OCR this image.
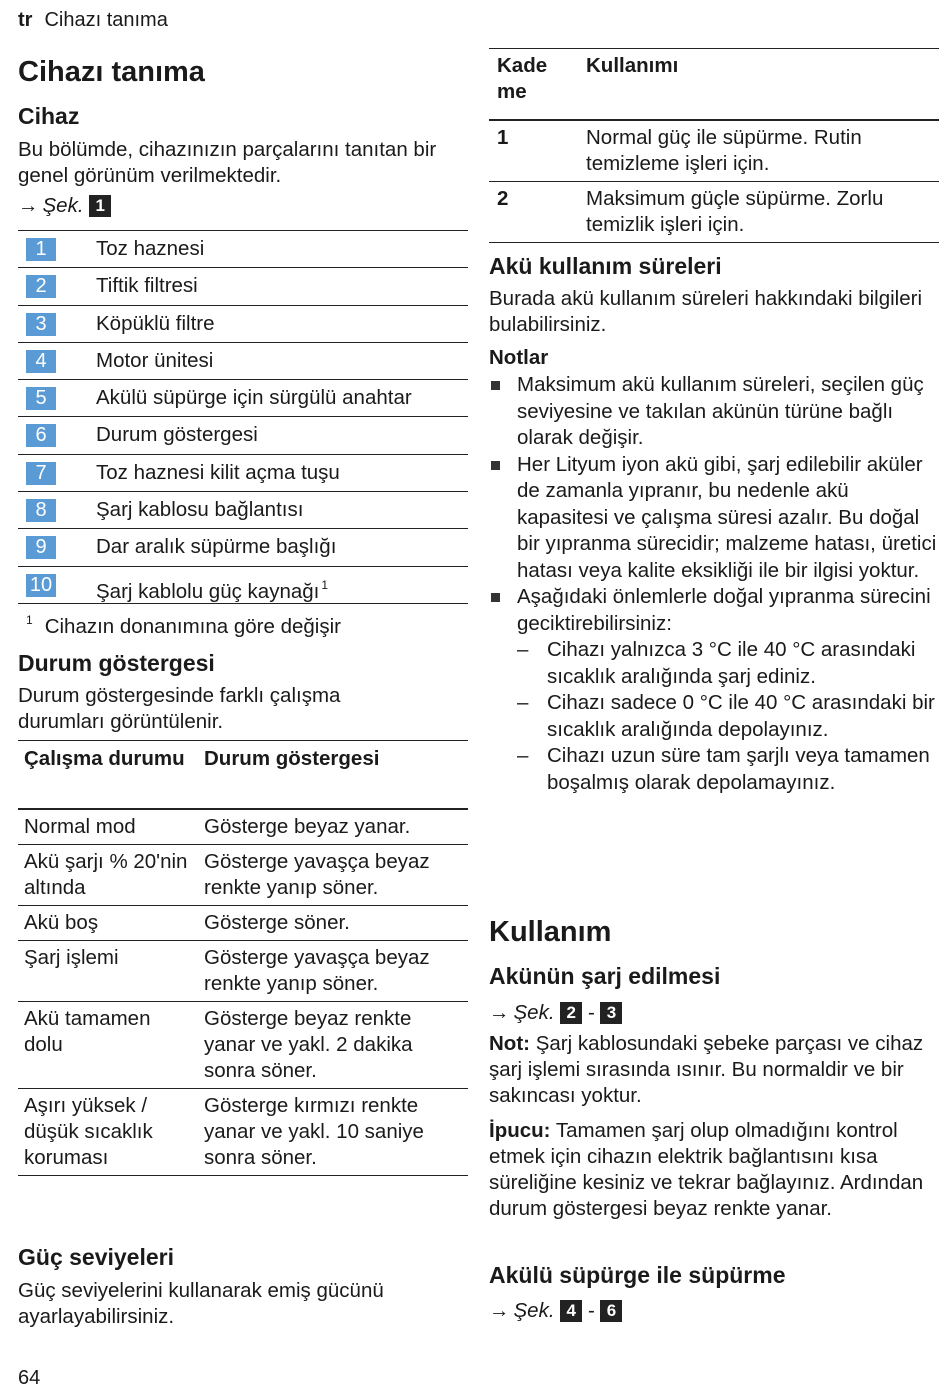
tr Cihazı tanıma
Cihazı tanıma
Cihaz

Bu bölümde, cihazınızın parçalarını tanıtan bir genel görünüm verilmektedir.

→ Şek. 1
1	Toz haznesi
2	Tiftik filtresi
3	Köpüklü filtre
4	Motor ünitesi
5	Akülü süpürge için sürgülü anahtar
6	Durum göstergesi
7	Toz haznesi kilit açma tuşu
8	Şarj kablosu bağlantısı
9	Dar aralık süpürme başlığı
10 Şarj kablolu güç kaynağı $^1$
$^1$ Cihazın donanımına göre değişir
Durum göstergesi

Durum göstergesinde farklı çalışma durumları görüntülenir.

Çalışma durumu	Durum göstergesi
Normal mod	Gösterge beyaz yanar.
Akü şarjı % 20'nin altında	Gösterge yavaşça beyaz renkte yanıp söner.
Akü boş	Gösterge söner.
Şarj işlemi	Gösterge yavaşça beyaz renkte yanıp söner.
Akü tamamen dolu	Gösterge beyaz renkte yanar ve yakl. 2 dakika sonra söner.
Aşırı yüksek / düşük sıcaklık koruması	Gösterge kırmızı renkte yanar ve yakl. 10 saniye sonra söner.
Güç seviyeleri

Güç seviyelerini kullanarak emiş gücünü ayarlayabilirsiniz.

64
Kade me	Kullanımı
1	Normal güç ile süpürme. Rutin temizleme işleri için.
2	Maksimum güçle süpürme. Zorlu temizlik işleri için.
Akü kullanım süreleri

Burada akü kullanım süreleri hakkındaki bilgileri bulabilirsiniz.

Notlar
Maksimum akü kullanım süreleri, seçilen güç seviyesine ve takılan akünün türüne bağlı olarak değişir.
Her Lityum iyon akü gibi, şarj edilebilir aküler de zamanla yıpranır, bu nedenle akü kapasitesi ve çalışma süresi azalır. Bu doğal bir yıpranma sürecidir; malzeme hatası, üretici hatası veya kalite eksikliği ile bir ilgisi yoktur.
Aşağıdaki önlemlerle doğal yıpranma sürecini geciktirebilirsiniz:
– Cihazı yalnızca 3 °C ile 40 °C arasındaki sıcaklık aralığında şarj ediniz.
– Cihazı sadece 0 °C ile 40 °C arasındaki bir sıcaklık aralığında depolayınız.
– Cihazı uzun süre tam şarjlı veya tamamen boşalmış olarak depolamayınız.
Kullanım
Akünün şarj edilmesi
→ Şek. 2 - 3

Not: Şarj kablosundaki şebeke parçası ve cihaz şarj işlemi sırasında ısınır. Bu normaldir ve bir sakıncası yoktur.

İpucu: Tamamen şarj olup olmadığını kontrol etmek için cihazın elektrik bağlantısını kısa süreliğine kesiniz ve tekrar bağlayınız. Ardından durum göstergesi beyaz renkte yanar.

Akülü süpürge ile süpürme
→ Şek. 4 - 6
